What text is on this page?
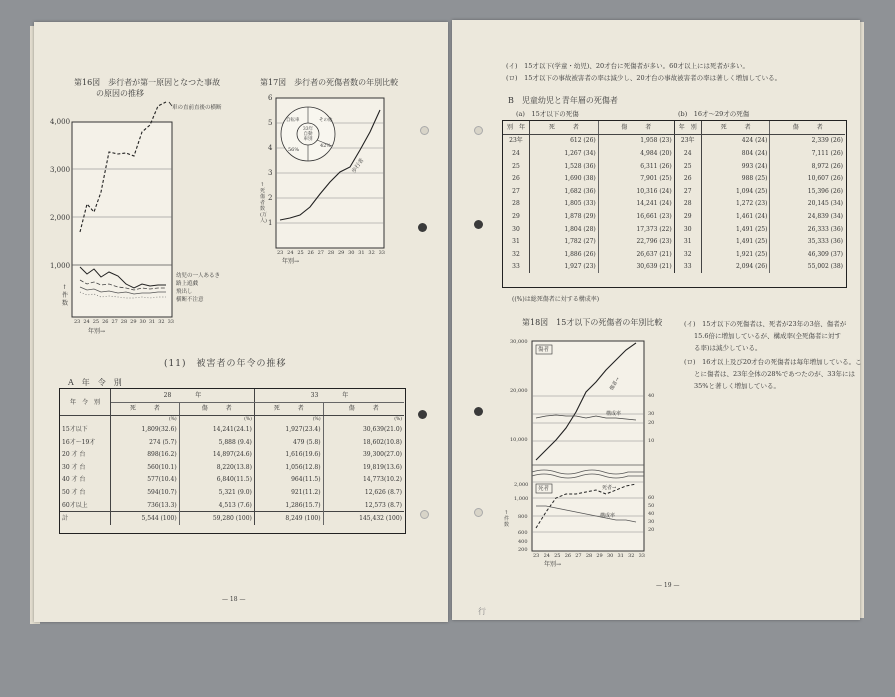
第16図　歩行者が第一原因となつた事故
の原因の推移
車の直前直後の横断
4,000
3,000
2,000
1,000
↑件数
23 24 25 26 27 28 29 30 31 32 33
年別→
幼児の一人あるき
路上遊戯
飛出し
横断不注意
第17図　歩行者の死傷者数の年別比較
33年自動車別
自転車	その他
56%
42%
歩行者
6
5
4
3
2
1
↑死傷者数(万人)
23 24 25 26 27 28 29 30 31 32 33
年別→
(11)　被害者の年令の推移
A　年　令　別
年　令　別	28　　　　年		33　　　　年	
	死　　　者	傷　　　者	死　　　者	傷　　　者
	(%)	(%)	(%)	(%)
15才以下	1,809(32.6)	14,241(24.1)	1,927(23.4)	30,639(21.0)
16才〜19才	274 (5.7)	5,888 (9.4)	479 (5.8)	18,602(10.8)
20 才 台	898(16.2)	14,897(24.6)	1,616(19.6)	39,300(27.0)
30 才 台	560(10.1)	8,220(13.8)	1,056(12.8)	19,819(13.6)
40 才 台	577(10.4)	6,840(11.5)	964(11.5)	14,773(10.2)
50 才 台	594(10.7)	5,321 (9.0)	921(11.2)	12,626 (8.7)
60才以上	736(13.3)	4,513 (7.6)	1,286(15.7)	12,573 (8.7)
計	5,544 (100)	59,280 (100)	8,249 (100)	145,432 (100)
— 18 —
(イ)　15才以下(学童・幼児)、20才台に死傷者が多い。60才以上には死者が多い。
(ロ)　15才以下の事故被害者の率は減少し、20才台の事故被害者の率は著しく増加している。
B　児童幼児と青年層の死傷者
(a)　15才以下の死傷	(b)　16才〜29才の死傷
別　年	死　　　者	傷　　　者	年　別	死　　　者	傷　　　者
23年	612 (26)	1,958 (23)	23年	424 (24)	2,339 (26)
24	1,267 (34)	4,984 (20)	24	804 (24)	7,111 (26)
25	1,528 (36)	6,311 (26)	25	993 (24)	8,972 (26)
26	1,690 (38)	7,901 (25)	26	988 (25)	10,607 (26)
27	1,682 (36)	10,316 (24)	27	1,094 (25)	15,396 (26)
28	1,805 (33)	14,241 (24)	28	1,272 (23)	20,145 (34)
29	1,878 (29)	16,661 (23)	29	1,461 (24)	24,839 (34)
30	1,804 (28)	17,373 (22)	30	1,491 (25)	26,333 (36)
31	1,782 (27)	22,796 (23)	31	1,491 (25)	35,333 (36)
32	1,886 (26)	26,637 (21)	32	1,921 (25)	46,309 (37)
33	1,927 (23)	30,639 (21)	33	2,094 (26)	55,002 (38)
((%)は総死傷者に対する構成率)
第18図　15才以下の死傷者の年別比較
傷者
死者
傷者→
構成率
死者→
構成率
30,000
20,000
10,000
2,000
1,000
800
600
400
200
↑件数
40
30
20
10
60
50
40
30
20
23 24 25 26 27 28 29 30 31 32 33
年別→
(イ)　15才以下の死傷者は、死者が23年の3倍、傷者が
15.6倍に増加しているが、構成率(全死傷者に対す
る率)は減少している。
(ロ)　16才以上及び20才台の死傷者は毎年増加している。こ
とに傷者は、23年全体の28%であつたのが、33年には
35%と著しく増加している。
— 19 —
行
